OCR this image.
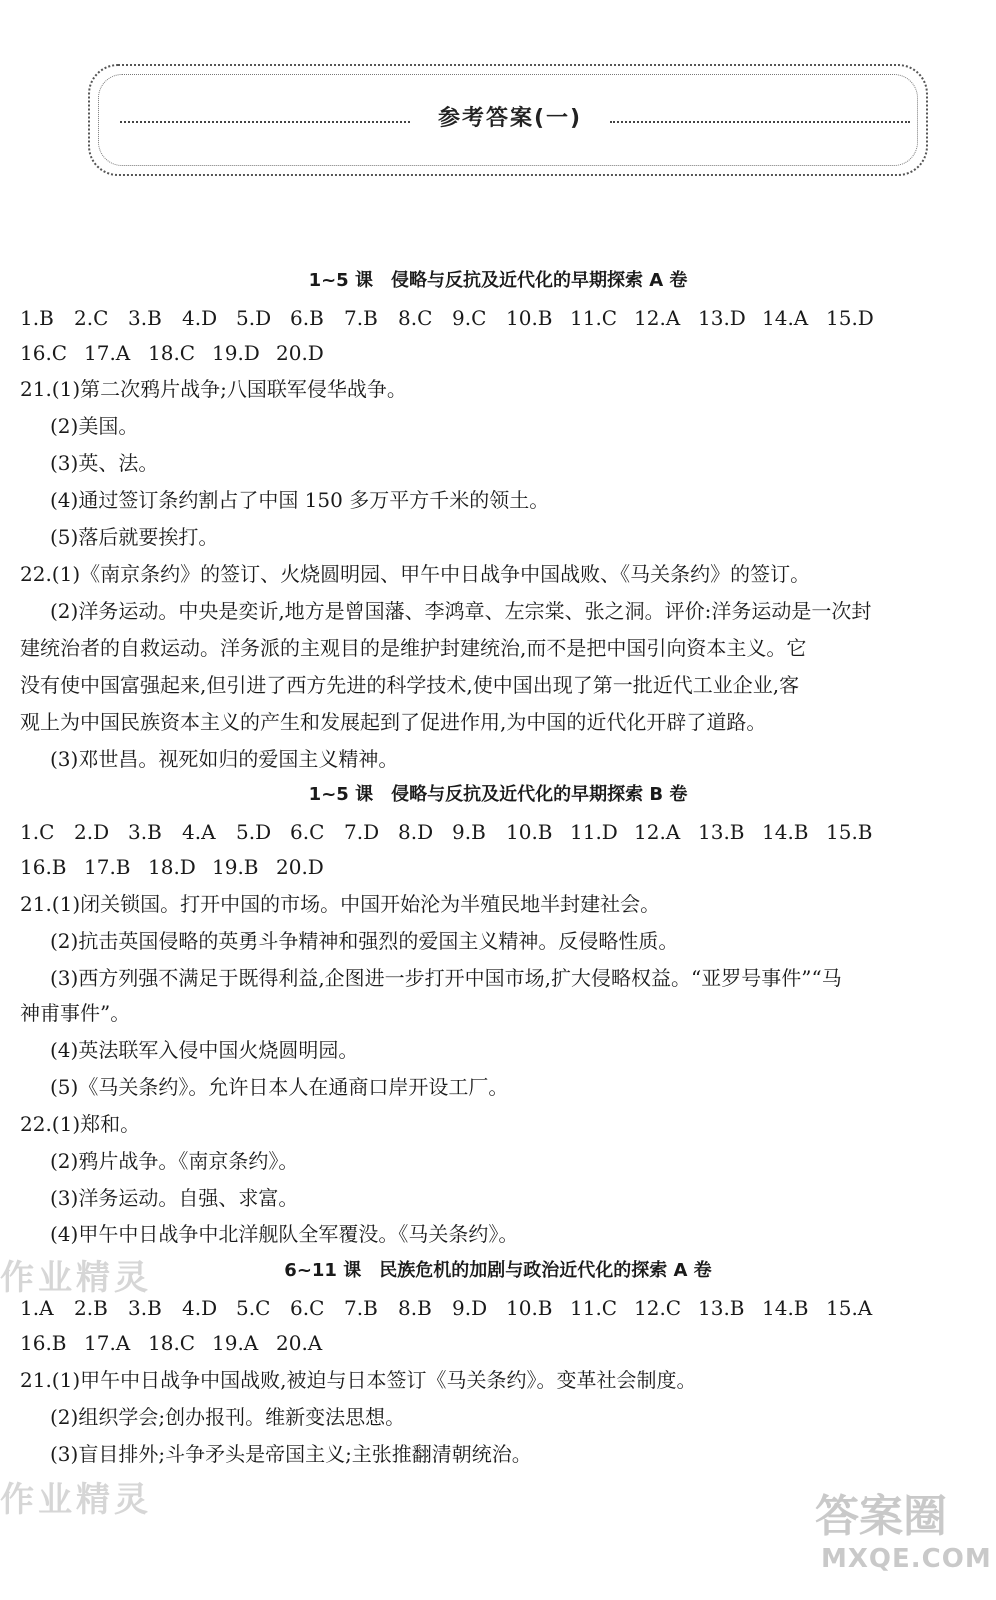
参考答案(一)
1~5 课　侵略与反抗及近代化的早期探索 A 卷
1.B	2.C 3.B	4.D 5.D 6.B	7.B	8.C 9.C 10.B 11.C 12.A 13.D 14.A 15.D
16.C 17.A 18.C 19.D 20.D
21.(1)第二次鸦片战争;八国联军侵华战争。
(2)美国。
(3)英、法。
(4)通过签订条约割占了中国 150 多万平方千米的领土。
(5)落后就要挨打。
22.(1)《南京条约》的签订、火烧圆明园、甲午中日战争中国战败、《马关条约》的签订。
(2)洋务运动。中央是奕䜣,地方是曾国藩、李鸿章、左宗棠、张之洞。评价:洋务运动是一次封
建统治者的自救运动。洋务派的主观目的是维护封建统治,而不是把中国引向资本主义。它
没有使中国富强起来,但引进了西方先进的科学技术,使中国出现了第一批近代工业企业,客
观上为中国民族资本主义的产生和发展起到了促进作用,为中国的近代化开辟了道路。
(3)邓世昌。视死如归的爱国主义精神。
1~5 课　侵略与反抗及近代化的早期探索 B 卷
1.C 2.D 3.B	4.A	5.D 6.C 7.D 8.D 9.B	10.B 11.D 12.A 13.B 14.B 15.B
16.B 17.B 18.D 19.B 20.D
21.(1)闭关锁国。打开中国的市场。中国开始沦为半殖民地半封建社会。
(2)抗击英国侵略的英勇斗争精神和强烈的爱国主义精神。反侵略性质。
(3)西方列强不满足于既得利益,企图进一步打开中国市场,扩大侵略权益。“亚罗号事件”“马
神甫事件”。
(4)英法联军入侵中国火烧圆明园。
(5)《马关条约》。允许日本人在通商口岸开设工厂。
22.(1)郑和。
(2)鸦片战争。《南京条约》。
(3)洋务运动。自强、求富。
(4)甲午中日战争中北洋舰队全军覆没。《马关条约》。
6~11 课　民族危机的加剧与政治近代化的探索 A 卷
1.A	2.B	3.B	4.D 5.C 6.C 7.B	8.B	9.D 10.B 11.C 12.C 13.B 14.B 15.A
16.B 17.A 18.C 19.A 20.A
21.(1)甲午中日战争中国战败,被迫与日本签订《马关条约》。变革社会制度。
(2)组织学会;创办报刊。维新变法思想。
(3)盲目排外;斗争矛头是帝国主义;主张推翻清朝统治。
作业精灵
作业精灵	答案圈
MXQE.COM
